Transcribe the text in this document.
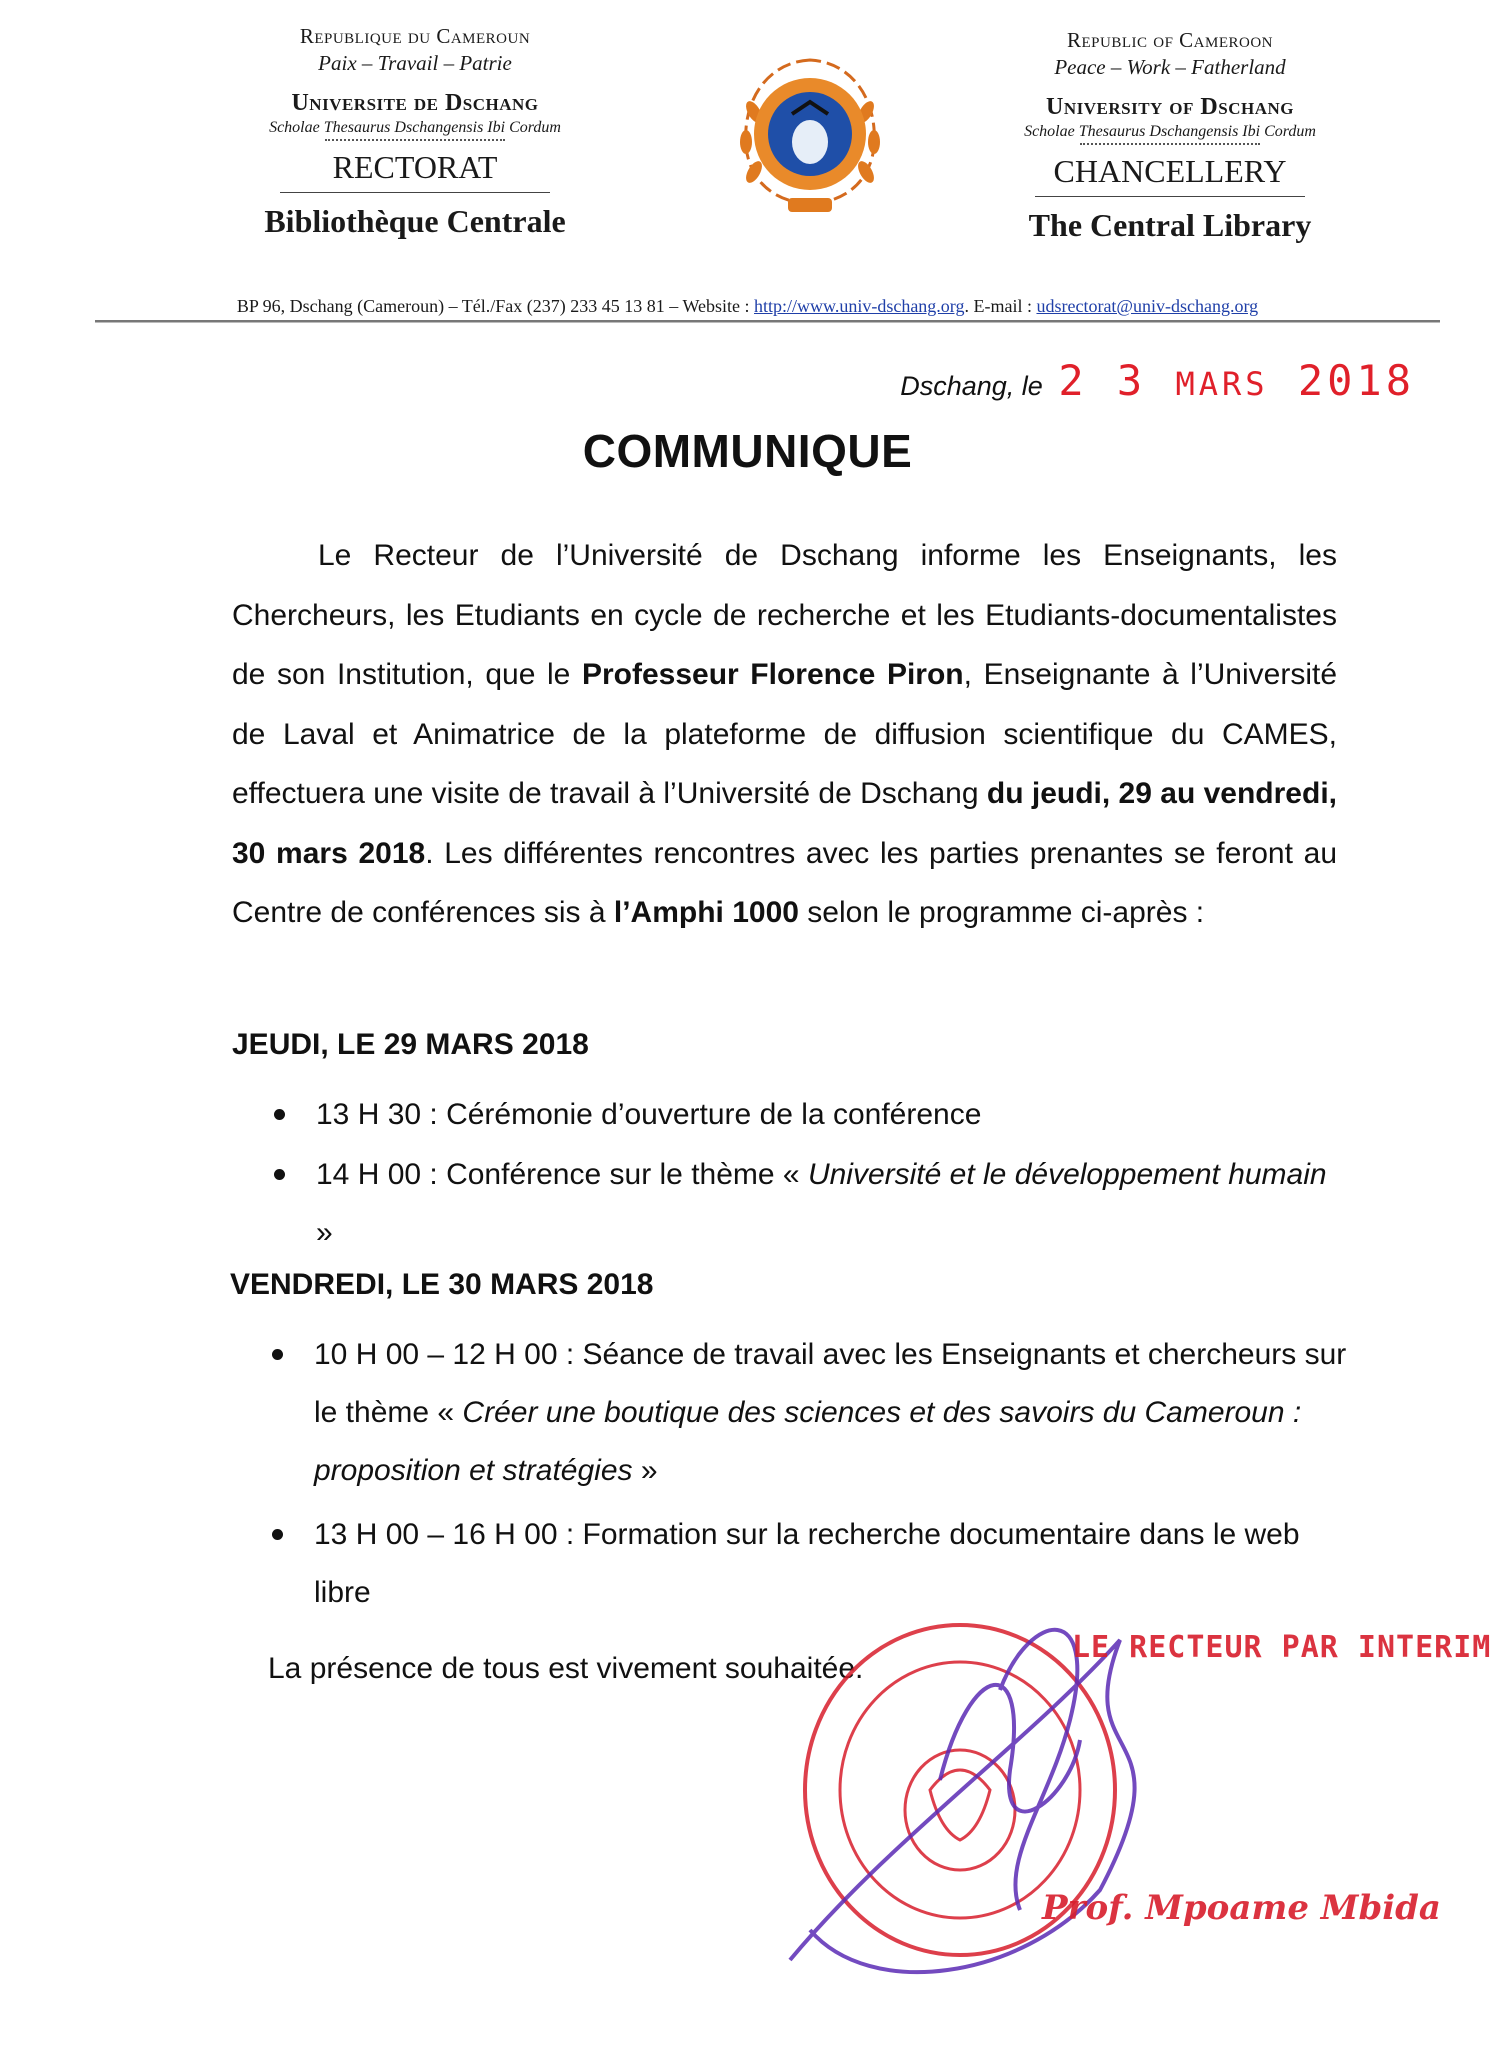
Republique du Cameroun
Paix – Travail – Patrie
Universite de Dschang
Scholae Thesaurus Dschangensis Ibi Cordum
RECTORAT
Bibliothèque Centrale
Republic of Cameroon
Peace – Work – Fatherland
University of Dschang
Scholae Thesaurus Dschangensis Ibi Cordum
CHANCELLERY
The Central Library
BP 96, Dschang (Cameroun) – Tél./Fax (237) 233 45 13 81 – Website : http://www.univ-dschang.org. E-mail : udsrectorat@univ-dschang.org
Dschang, le 2 3 MARS 2018
COMMUNIQUE
Le Recteur de l’Université de Dschang informe les Enseignants, les Chercheurs, les Etudiants en cycle de recherche et les Etudiants-documentalistes de son Institution, que le Professeur Florence Piron, Enseignante à l’Université de Laval et Animatrice de la plateforme de diffusion scientifique du CAMES, effectuera une visite de travail à l’Université de Dschang du jeudi, 29 au vendredi, 30 mars 2018. Les différentes rencontres avec les parties prenantes se feront au Centre de conférences sis à l’Amphi 1000 selon le programme ci-après :
JEUDI, LE 29 MARS 2018
13 H 30 : Cérémonie d’ouverture de la conférence
14 H 00 : Conférence sur le thème « Université et le développement humain »
VENDREDI, LE 30 MARS 2018
10 H 00 – 12 H 00 : Séance de travail avec les Enseignants et chercheurs sur le thème « Créer une boutique des sciences et des savoirs du Cameroun : proposition et stratégies »
13 H 00 – 16 H 00 : Formation sur la recherche documentaire dans le web libre
La présence de tous est vivement souhaitée.
LE RECTEUR PAR INTERIM
Prof. Mpoame Mbida
